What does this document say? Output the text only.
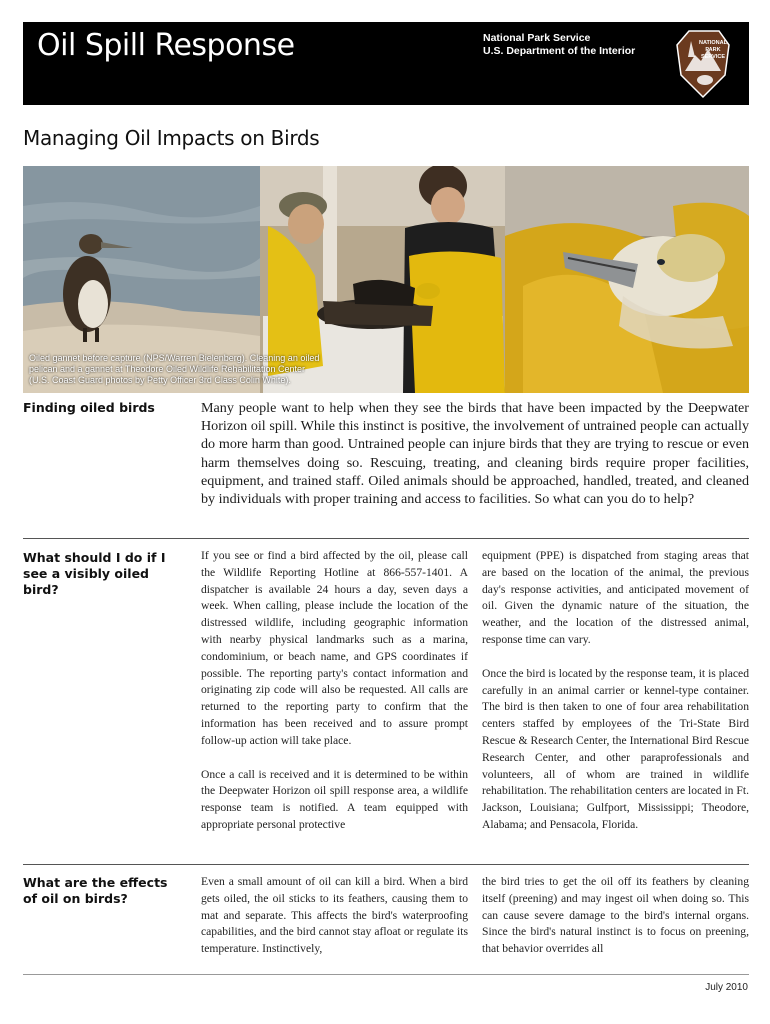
Oil Spill Response	National Park Service
U.S. Department of the Interior
NATIONAL
PARK
SERVICE
Managing Oil Impacts on Birds
Oiled gannet before capture (NPS/Warren Bielenberg). Cleaning an oiled
pelican and a gannet at Theodore Oiled Wildlife Rehabilitation Center
(U.S. Coast Guard photos by Petty Officer 3rd Class Colin White).
Finding oiled birds	Many people want to help when they see the birds that have been impacted by the Deepwater Horizon oil spill. While this instinct is positive, the involvement of untrained people can actually do more harm than good. Untrained people can injure birds that they are trying to rescue or even harm themselves doing so. Rescuing, treating, and cleaning birds require proper facilities, equipment, and trained staff. Oiled animals should be approached, handled, treated, and cleaned by individuals with proper training and access to facilities. So what can you do to help?

What should I do if I see a visibly oiled bird?

If you see or find a bird affected by the oil, please call the Wildlife Reporting Hotline at 866-557-1401. A dispatcher is available 24 hours a day, seven days a week. When calling, please include the location of the distressed wildlife, including geographic information with nearby physical landmarks such as a marina, condominium, or beach name, and GPS coordinates if possible. The reporting party's contact information and originating zip code will also be requested. All calls are returned to the reporting party to confirm that the information has been received and to assure prompt follow-up action will take place.

Once a call is received and it is determined to be within the Deepwater Horizon oil spill response area, a wildlife response team is notified. A team equipped with appropriate personal protective

equipment (PPE) is dispatched from staging areas that are based on the location of the animal, the previous day's response activities, and anticipated movement of oil. Given the dynamic nature of the situation, the weather, and the location of the distressed animal, response time can vary.

Once the bird is located by the response team, it is placed carefully in an animal carrier or kennel-type container. The bird is then taken to one of four area rehabilitation centers staffed by employees of the Tri-State Bird Rescue & Research Center, the International Bird Rescue Research Center, and other paraprofessionals and volunteers, all of whom are trained in wildlife rehabilitation. The rehabilitation centers are located in Ft. Jackson, Louisiana; Gulfport, Mississippi; Theodore, Alabama; and Pensacola, Florida.

What are the effects of oil on birds?

Even a small amount of oil can kill a bird. When a bird gets oiled, the oil sticks to its feathers, causing them to mat and separate. This affects the bird's waterproofing capabilities, and the bird cannot stay afloat or regulate its temperature. Instinctively,

the bird tries to get the oil off its feathers by cleaning itself (preening) and may ingest oil when doing so. This can cause severe damage to the bird's internal organs. Since the bird's natural instinct is to focus on preening, that behavior overrides all

July 2010
